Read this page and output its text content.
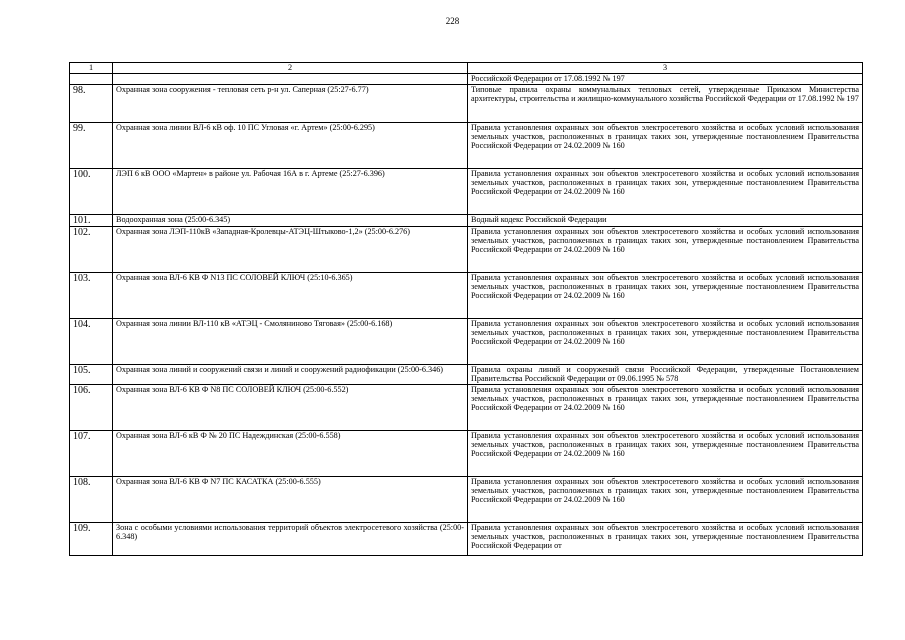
228
1	2	3
		Российской Федерации от 17.08.1992 № 197
98.	Охранная зона сооружения - тепловая сеть р-н ул. Саперная (25:27-6.77)	Типовые правила охраны коммунальных тепловых сетей, утвержденные Приказом Министерства архитектуры, строительства и жилищно-коммунального хозяйства Российской Федерации от 17.08.1992 № 197
99.	Охранная зона линии ВЛ-6 кВ оф. 10 ПС Угловая «г. Артем» (25:00-6.295)	Правила установления охранных зон объектов электросетевого хозяйства и особых условий использования земельных участков, расположенных в границах таких зон, утвержденные постановлением Правительства Российской Федерации от 24.02.2009 № 160
100.	ЛЭП 6 кВ ООО «Мартен» в районе ул. Рабочая 16А в г. Артеме (25:27-6.396)	Правила установления охранных зон объектов электросетевого хозяйства и особых условий использования земельных участков, расположенных в границах таких зон, утвержденные постановлением Правительства Российской Федерации от 24.02.2009 № 160
101.	Водоохранная зона (25:00-6.345)	Водный кодекс Российской Федерации
102.	Охранная зона ЛЭП-110кВ «Западная-Кролевцы-АТЭЦ-Штыково-1,2» (25:00-6.276)	Правила установления охранных зон объектов электросетевого хозяйства и особых условий использования земельных участков, расположенных в границах таких зон, утвержденные постановлением Правительства Российской Федерации от 24.02.2009 № 160
103.	Охранная зона ВЛ-6 КВ Ф N13 ПС СОЛОВЕЙ КЛЮЧ (25:10-6.365)	Правила установления охранных зон объектов электросетевого хозяйства и особых условий использования земельных участков, расположенных в границах таких зон, утвержденные постановлением Правительства Российской Федерации от 24.02.2009 № 160
104.	Охранная зона линии ВЛ-110 кВ «АТЭЦ - Смоляниново Тяговая» (25:00-6.168)	Правила установления охранных зон объектов электросетевого хозяйства и особых условий использования земельных участков, расположенных в границах таких зон, утвержденные постановлением Правительства Российской Федерации от 24.02.2009 № 160
105.	Охранная зона линий и сооружений связи и линий и сооружений радиофикации (25:00-6.346)	Правила охраны линий и сооружений связи Российской Федерации, утвержденные Постановлением Правительства Российской Федерации от 09.06.1995 № 578
106.	Охранная зона ВЛ-6 КВ Ф N8 ПС СОЛОВЕЙ КЛЮЧ (25:00-6.552)	Правила установления охранных зон объектов электросетевого хозяйства и особых условий использования земельных участков, расположенных в границах таких зон, утвержденные постановлением Правительства Российской Федерации от 24.02.2009 № 160
107.	Охранная зона ВЛ-6 кВ Ф № 20 ПС Надеждинская (25:00-6.558)	Правила установления охранных зон объектов электросетевого хозяйства и особых условий использования земельных участков, расположенных в границах таких зон, утвержденные постановлением Правительства Российской Федерации от 24.02.2009 № 160
108.	Охранная зона ВЛ-6 КВ Ф N7 ПС КАСАТКА (25:00-6.555)	Правила установления охранных зон объектов электросетевого хозяйства и особых условий использования земельных участков, расположенных в границах таких зон, утвержденные постановлением Правительства Российской Федерации от 24.02.2009 № 160
109.	Зона с особыми условиями использования территорий объектов электросетевого хозяйства (25:00-6.348)	Правила установления охранных зон объектов электросетевого хозяйства и особых условий использования земельных участков, расположенных в границах таких зон, утвержденные постановлением Правительства Российской Федерации от
